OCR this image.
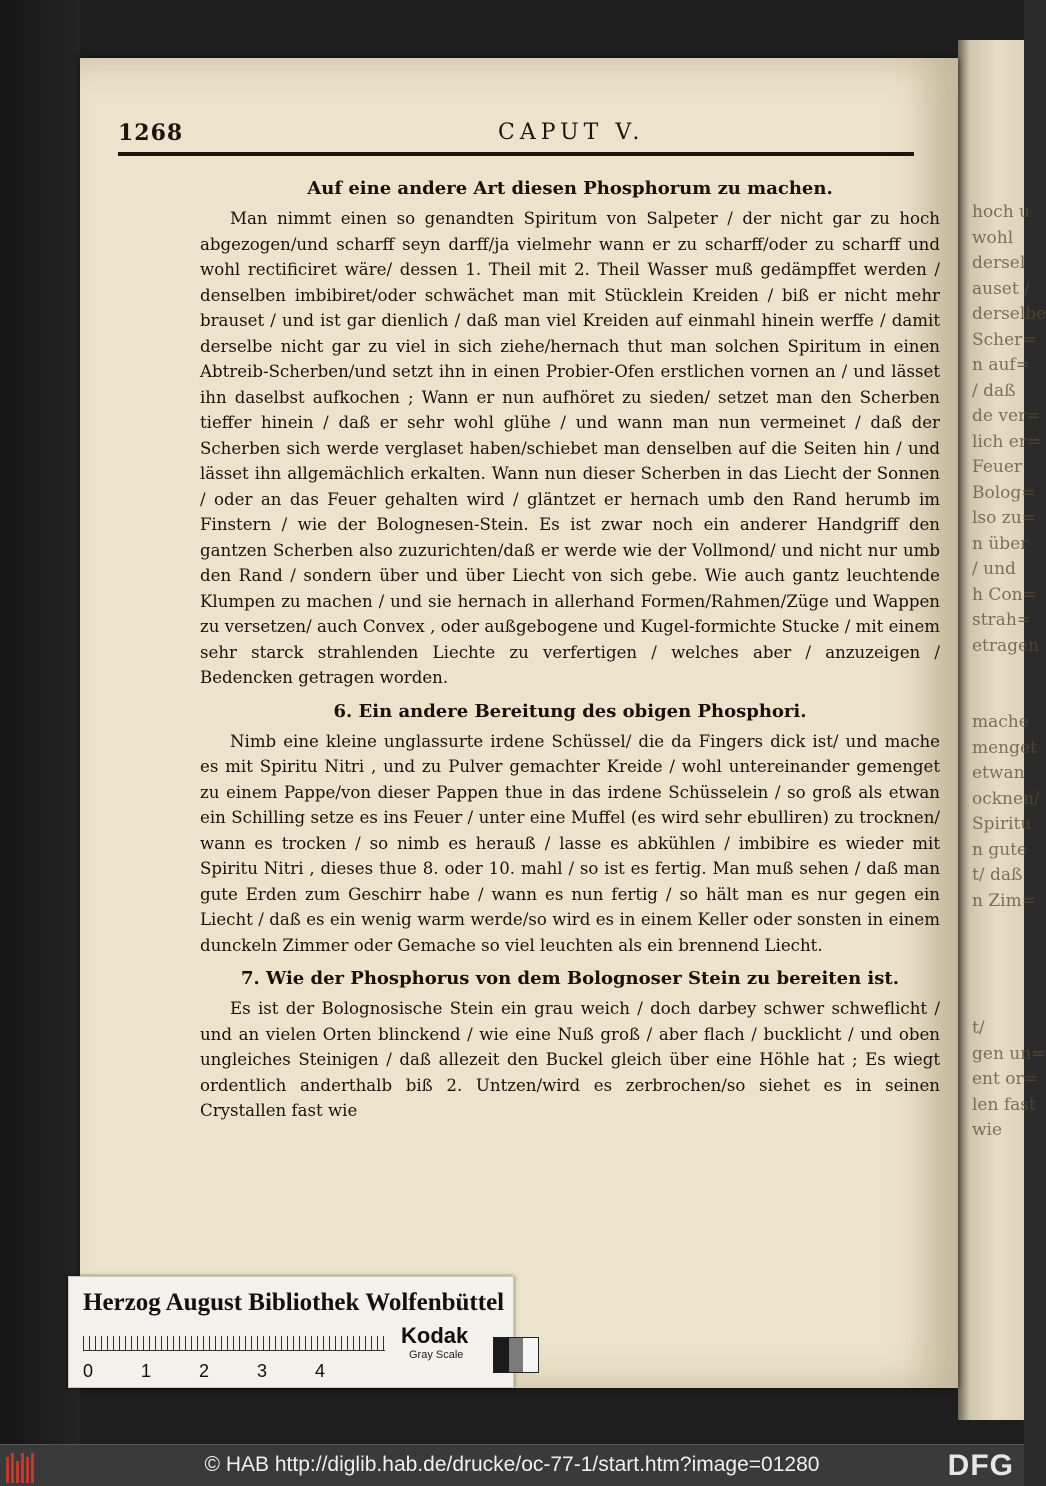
hoch u
wohl
dersel
auset /
derselbe
Scher=
n auf=
/ daß
de ver=
lich er=
Feuer
Bolog=
lso zu=
n über
/ und
h Con=
strah=
etragen

mache
menget
etwan
ocknen/
Spiritu
n gute
t/ daß
n Zim=

t/
gen un=
ent or=
len fast
wie
1268	CAPUT V.
Auf eine andere Art diesen Phosphorum zu machen.

Man nimmt einen so genandten Spiritum von Salpeter / der nicht gar zu hoch abgezogen/und scharff seyn darff/ja vielmehr wann er zu scharff/oder zu scharff und wohl rectificiret wäre/ dessen 1. Theil mit 2. Theil Wasser muß gedämpffet werden / denselben imbibiret/oder schwächet man mit Stücklein Kreiden / biß er nicht mehr brauset / und ist gar dienlich / daß man viel Kreiden auf einmahl hinein werffe / damit derselbe nicht gar zu viel in sich ziehe/hernach thut man solchen Spiritum in einen Abtreib-Scherben/und setzt ihn in einen Probier-Ofen erstlichen vornen an / und lässet ihn daselbst aufkochen ; Wann er nun aufhöret zu sieden/ setzet man den Scherben tieffer hinein / daß er sehr wohl glühe / und wann man nun vermeinet / daß der Scherben sich werde verglaset haben/schiebet man denselben auf die Seiten hin / und lässet ihn allgemächlich erkalten. Wann nun dieser Scherben in das Liecht der Sonnen / oder an das Feuer gehalten wird / gläntzet er hernach umb den Rand herumb im Finstern / wie der Bolognesen-Stein. Es ist zwar noch ein anderer Handgriff den gantzen Scherben also zuzurichten/daß er werde wie der Vollmond/ und nicht nur umb den Rand / sondern über und über Liecht von sich gebe. Wie auch gantz leuchtende Klumpen zu machen / und sie hernach in allerhand Formen/Rahmen/Züge und Wappen zu versetzen/ auch Convex , oder außgebogene und Kugel-formichte Stucke / mit einem sehr starck strahlenden Liechte zu verfertigen / welches aber / anzuzeigen / Bedencken getragen worden.

6. Ein andere Bereitung des obigen Phosphori.

Nimb eine kleine unglassurte irdene Schüssel/ die da Fingers dick ist/ und mache es mit Spiritu Nitri , und zu Pulver gemachter Kreide / wohl untereinander gemenget zu einem Pappe/von dieser Pappen thue in das irdene Schüsselein / so groß als etwan ein Schilling setze es ins Feuer / unter eine Muffel (es wird sehr ebulliren) zu trocknen/ wann es trocken / so nimb es herauß / lasse es abkühlen / imbibire es wieder mit Spiritu Nitri , dieses thue 8. oder 10. mahl / so ist es fertig. Man muß sehen / daß man gute Erden zum Geschirr habe / wann es nun fertig / so hält man es nur gegen ein Liecht / daß es ein wenig warm werde/so wird es in einem Keller oder sonsten in einem dunckeln Zimmer oder Gemache so viel leuchten als ein brennend Liecht.

7. Wie der Phosphorus von dem Bolognoser Stein zu bereiten ist.

Es ist der Bolognosische Stein ein grau weich / doch darbey schwer schweflicht / und an vielen Orten blinckend / wie eine Nuß groß / aber flach / bucklicht / und oben ungleiches Steinigen / daß allezeit den Buckel gleich über eine Höhle hat ; Es wiegt ordentlich anderthalb biß 2. Untzen/wird es zerbrochen/so siehet es in seinen Crystallen fast wie

Herzog August Bibliothek Wolfenbüttel
0	1	2	3	4
Kodak
Gray Scale
© HAB http://diglib.hab.de/drucke/oc-77-1/start.htm?image=01280	DFG
